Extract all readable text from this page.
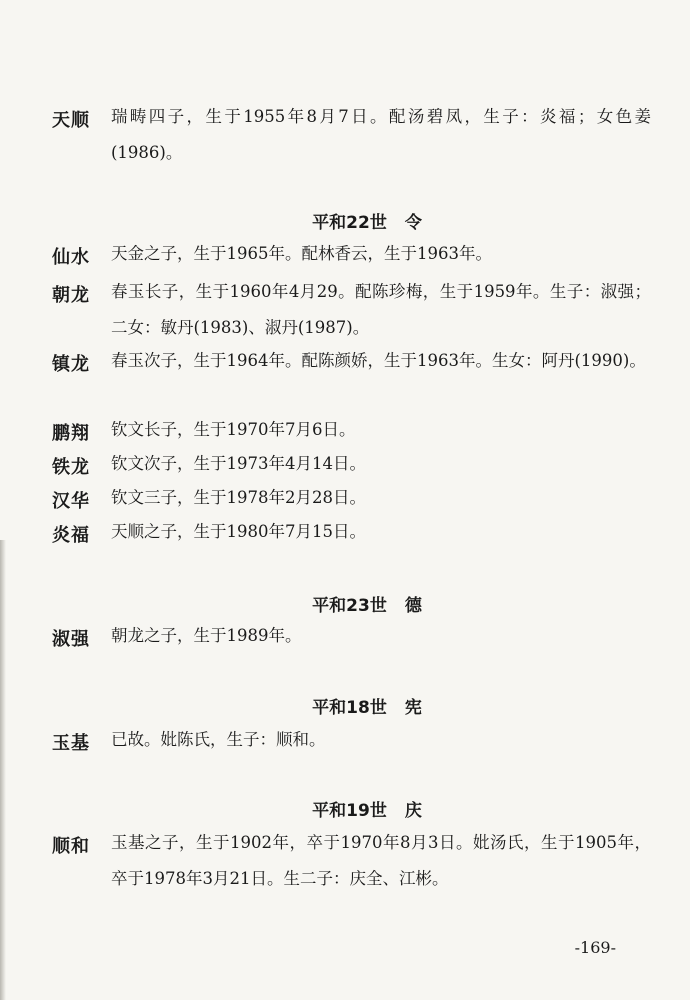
天顺 瑞畴四子，生于1955年8月7日。配汤碧凤，生子：炎福；女色姜(1986)。
平和22世 令
仙水 天金之子，生于1965年。配林香云，生于1963年。
朝龙 春玉长子，生于1960年4月29。配陈珍梅，生于1959年。生子：淑强；二女：敏丹(1983)、淑丹(1987)。
镇龙 春玉次子，生于1964年。配陈颜娇，生于1963年。生女：阿丹(1990)。
鹏翔 钦文长子，生于1970年7月6日。
铁龙 钦文次子，生于1973年4月14日。
汉华 钦文三子，生于1978年2月28日。
炎福 天顺之子，生于1980年7月15日。
平和23世 德
淑强 朝龙之子，生于1989年。
平和18世 宪
玉基 已故。妣陈氏，生子：顺和。
平和19世 庆
顺和 玉基之子，生于1902年，卒于1970年8月3日。妣汤氏，生于1905年，卒于1978年3月21日。生二子：庆全、江彬。
-169-
